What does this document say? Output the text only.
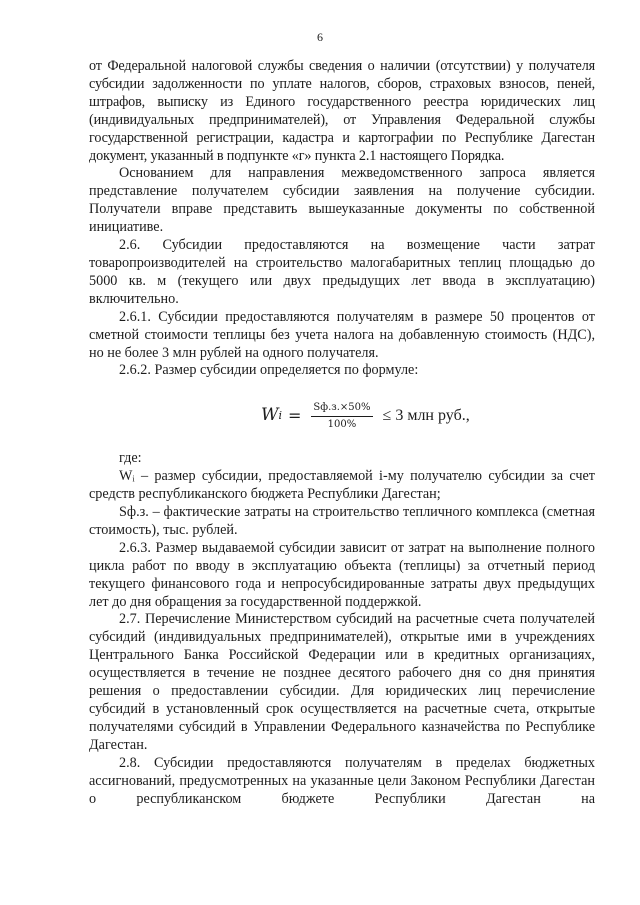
6

от Федеральной налоговой службы сведения о наличии (отсутствии) у получателя субсидии задолженности по уплате налогов, сборов, страховых взносов, пеней, штрафов, выписку из Единого государственного реестра юридических лиц (индивидуальных предпринимателей), от Управления Федеральной службы государственной регистрации, кадастра и картографии по Республике Дагестан документ, указанный в подпункте «г» пункта 2.1 настоящего Порядка.

Основанием для направления межведомственного запроса является представление получателем субсидии заявления на получение субсидии. Получатели вправе представить вышеуказанные документы по собственной инициативе.

2.6. Субсидии предоставляются на возмещение части затрат товаропроизводителей на строительство малогабаритных теплиц площадью до 5000 кв. м (текущего или двух предыдущих лет ввода в эксплуатацию) включительно.

2.6.1. Субсидии предоставляются получателям в размере 50 процентов от сметной стоимости теплицы без учета налога на добавленную стоимость (НДС), но не более 3 млн рублей на одного получателя.

2.6.2. Размер субсидии определяется по формуле:

W $i = \frac{Sф.з.\times 50\%}{100\%} \le 3$ млн руб.,

где:

Wᵢ – размер субсидии, предоставляемой i-му получателю субсидии за счет средств республиканского бюджета Республики Дагестан;

Sф.з. – фактические затраты на строительство тепличного комплекса (сметная стоимость), тыс. рублей.

2.6.3. Размер выдаваемой субсидии зависит от затрат на выполнение полного цикла работ по вводу в эксплуатацию объекта (теплицы) за отчетный период текущего финансового года и непросубсидированные затраты двух предыдущих лет до дня обращения за государственной поддержкой.

2.7. Перечисление Министерством субсидий на расчетные счета получателей субсидий (индивидуальных предпринимателей), открытые ими в учреждениях Центрального Банка Российской Федерации или в кредитных организациях, осуществляется в течение не позднее десятого рабочего дня со дня принятия решения о предоставлении субсидии. Для юридических лиц перечисление субсидий в установленный срок осуществляется на расчетные счета, открытые получателями субсидий в Управлении Федерального казначейства по Республике Дагестан.

2.8. Субсидии предоставляются получателям в пределах бюджетных ассигнований, предусмотренных на указанные цели Законом Республики Дагестан о республиканском бюджете Республики Дагестан на
